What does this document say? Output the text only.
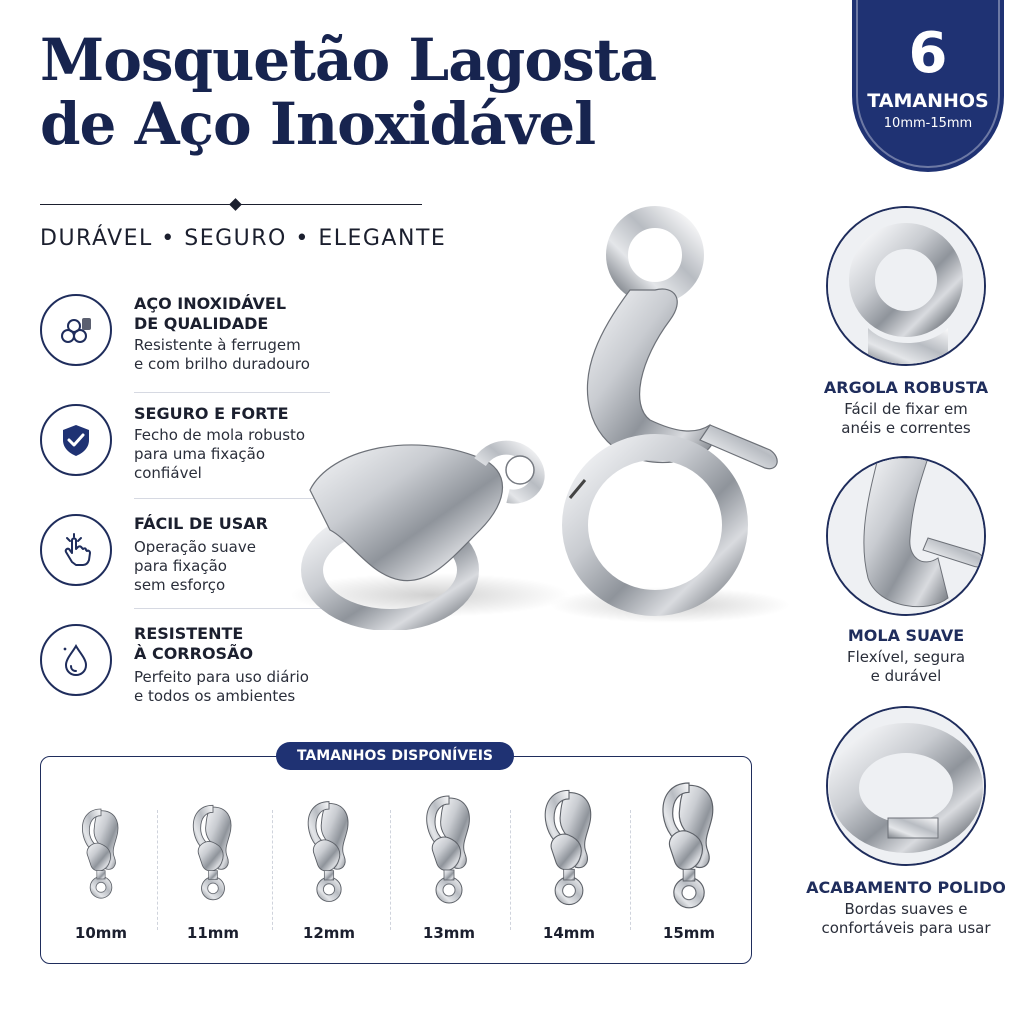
Mosquetão Lagosta
de Aço Inoxidável
DURÁVEL • SEGURO • ELEGANTE
6
TAMANHOS
10mm-15mm
AÇO INOXIDÁVEL
DE QUALIDADE
Resistente à ferrugem
e com brilho duradouro
SEGURO E FORTE
Fecho de mola robusto
para uma fixação
confiável
FÁCIL DE USAR
Operação suave
para fixação
sem esforço
RESISTENTE
À CORROSÃO
Perfeito para uso diário
e todos os ambientes
ARGOLA ROBUSTA
Fácil de fixar em
anéis e correntes
MOLA SUAVE
Flexível, segura
e durável
ACABAMENTO POLIDO
Bordas suaves e
confortáveis para usar
TAMANHOS DISPONÍVEIS
10mm	11mm	12mm	13mm	14mm	15mm
